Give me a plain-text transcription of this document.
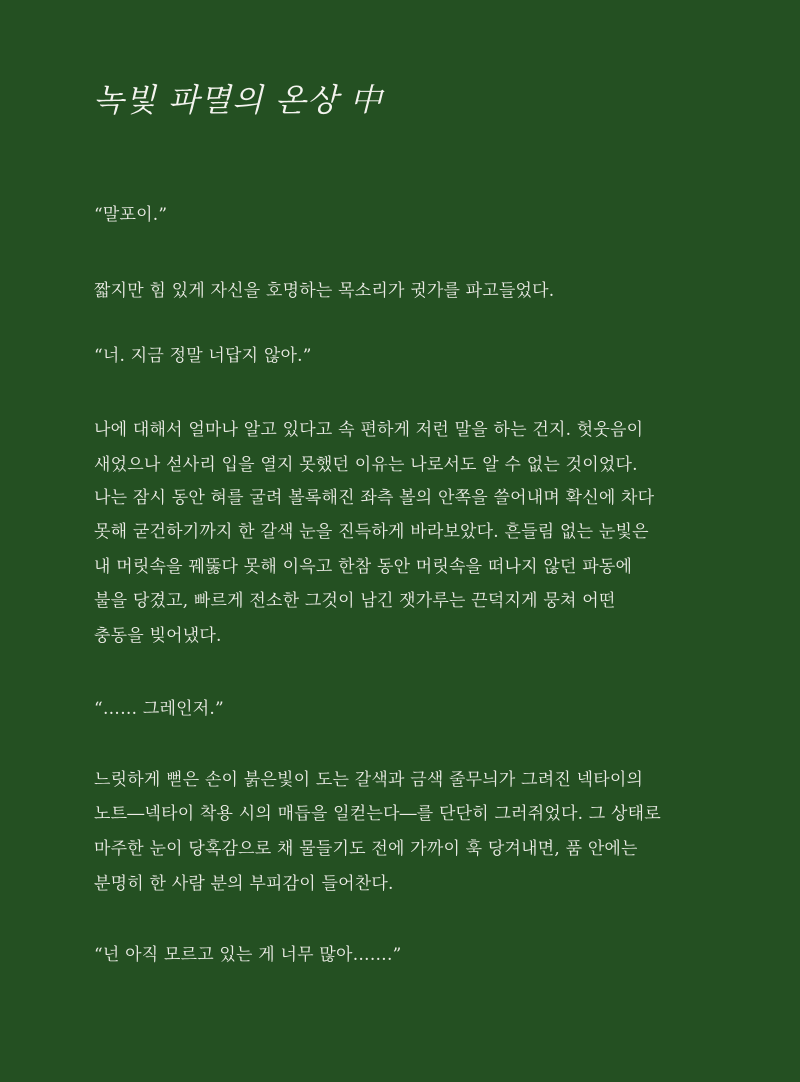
녹빛 파멸의 온상 中

“말포이.”

짧지만 힘 있게 자신을 호명하는 목소리가 귓가를 파고들었다.

“너. 지금 정말 너답지 않아.”

나에 대해서 얼마나 알고 있다고 속 편하게 저런 말을 하는 건지. 헛웃음이

새었으나 섣사리 입을 열지 못했던 이유는 나로서도 알 수 없는 것이었다.

나는 잠시 동안 혀를 굴려 볼록해진 좌측 볼의 안쪽을 쓸어내며 확신에 차다

못해 굳건하기까지 한 갈색 눈을 진득하게 바라보았다. 흔들림 없는 눈빛은

내 머릿속을 꿰뚫다 못해 이윽고 한참 동안 머릿속을 떠나지 않던 파동에

불을 당겼고, 빠르게 전소한 그것이 남긴 잿가루는 끈덕지게 뭉쳐 어떤

충동을 빚어냈다.

“…… 그레인저.”

느릿하게 뻗은 손이 붉은빛이 도는 갈색과 금색 줄무늬가 그려진 넥타이의

노트―넥타이 착용 시의 매듭을 일컫는다―를 단단히 그러쥐었다. 그 상태로

마주한 눈이 당혹감으로 채 물들기도 전에 가까이 훅 당겨내면, 품 안에는

분명히 한 사람 분의 부피감이 들어찬다.

“넌 아직 모르고 있는 게 너무 많아…….”
